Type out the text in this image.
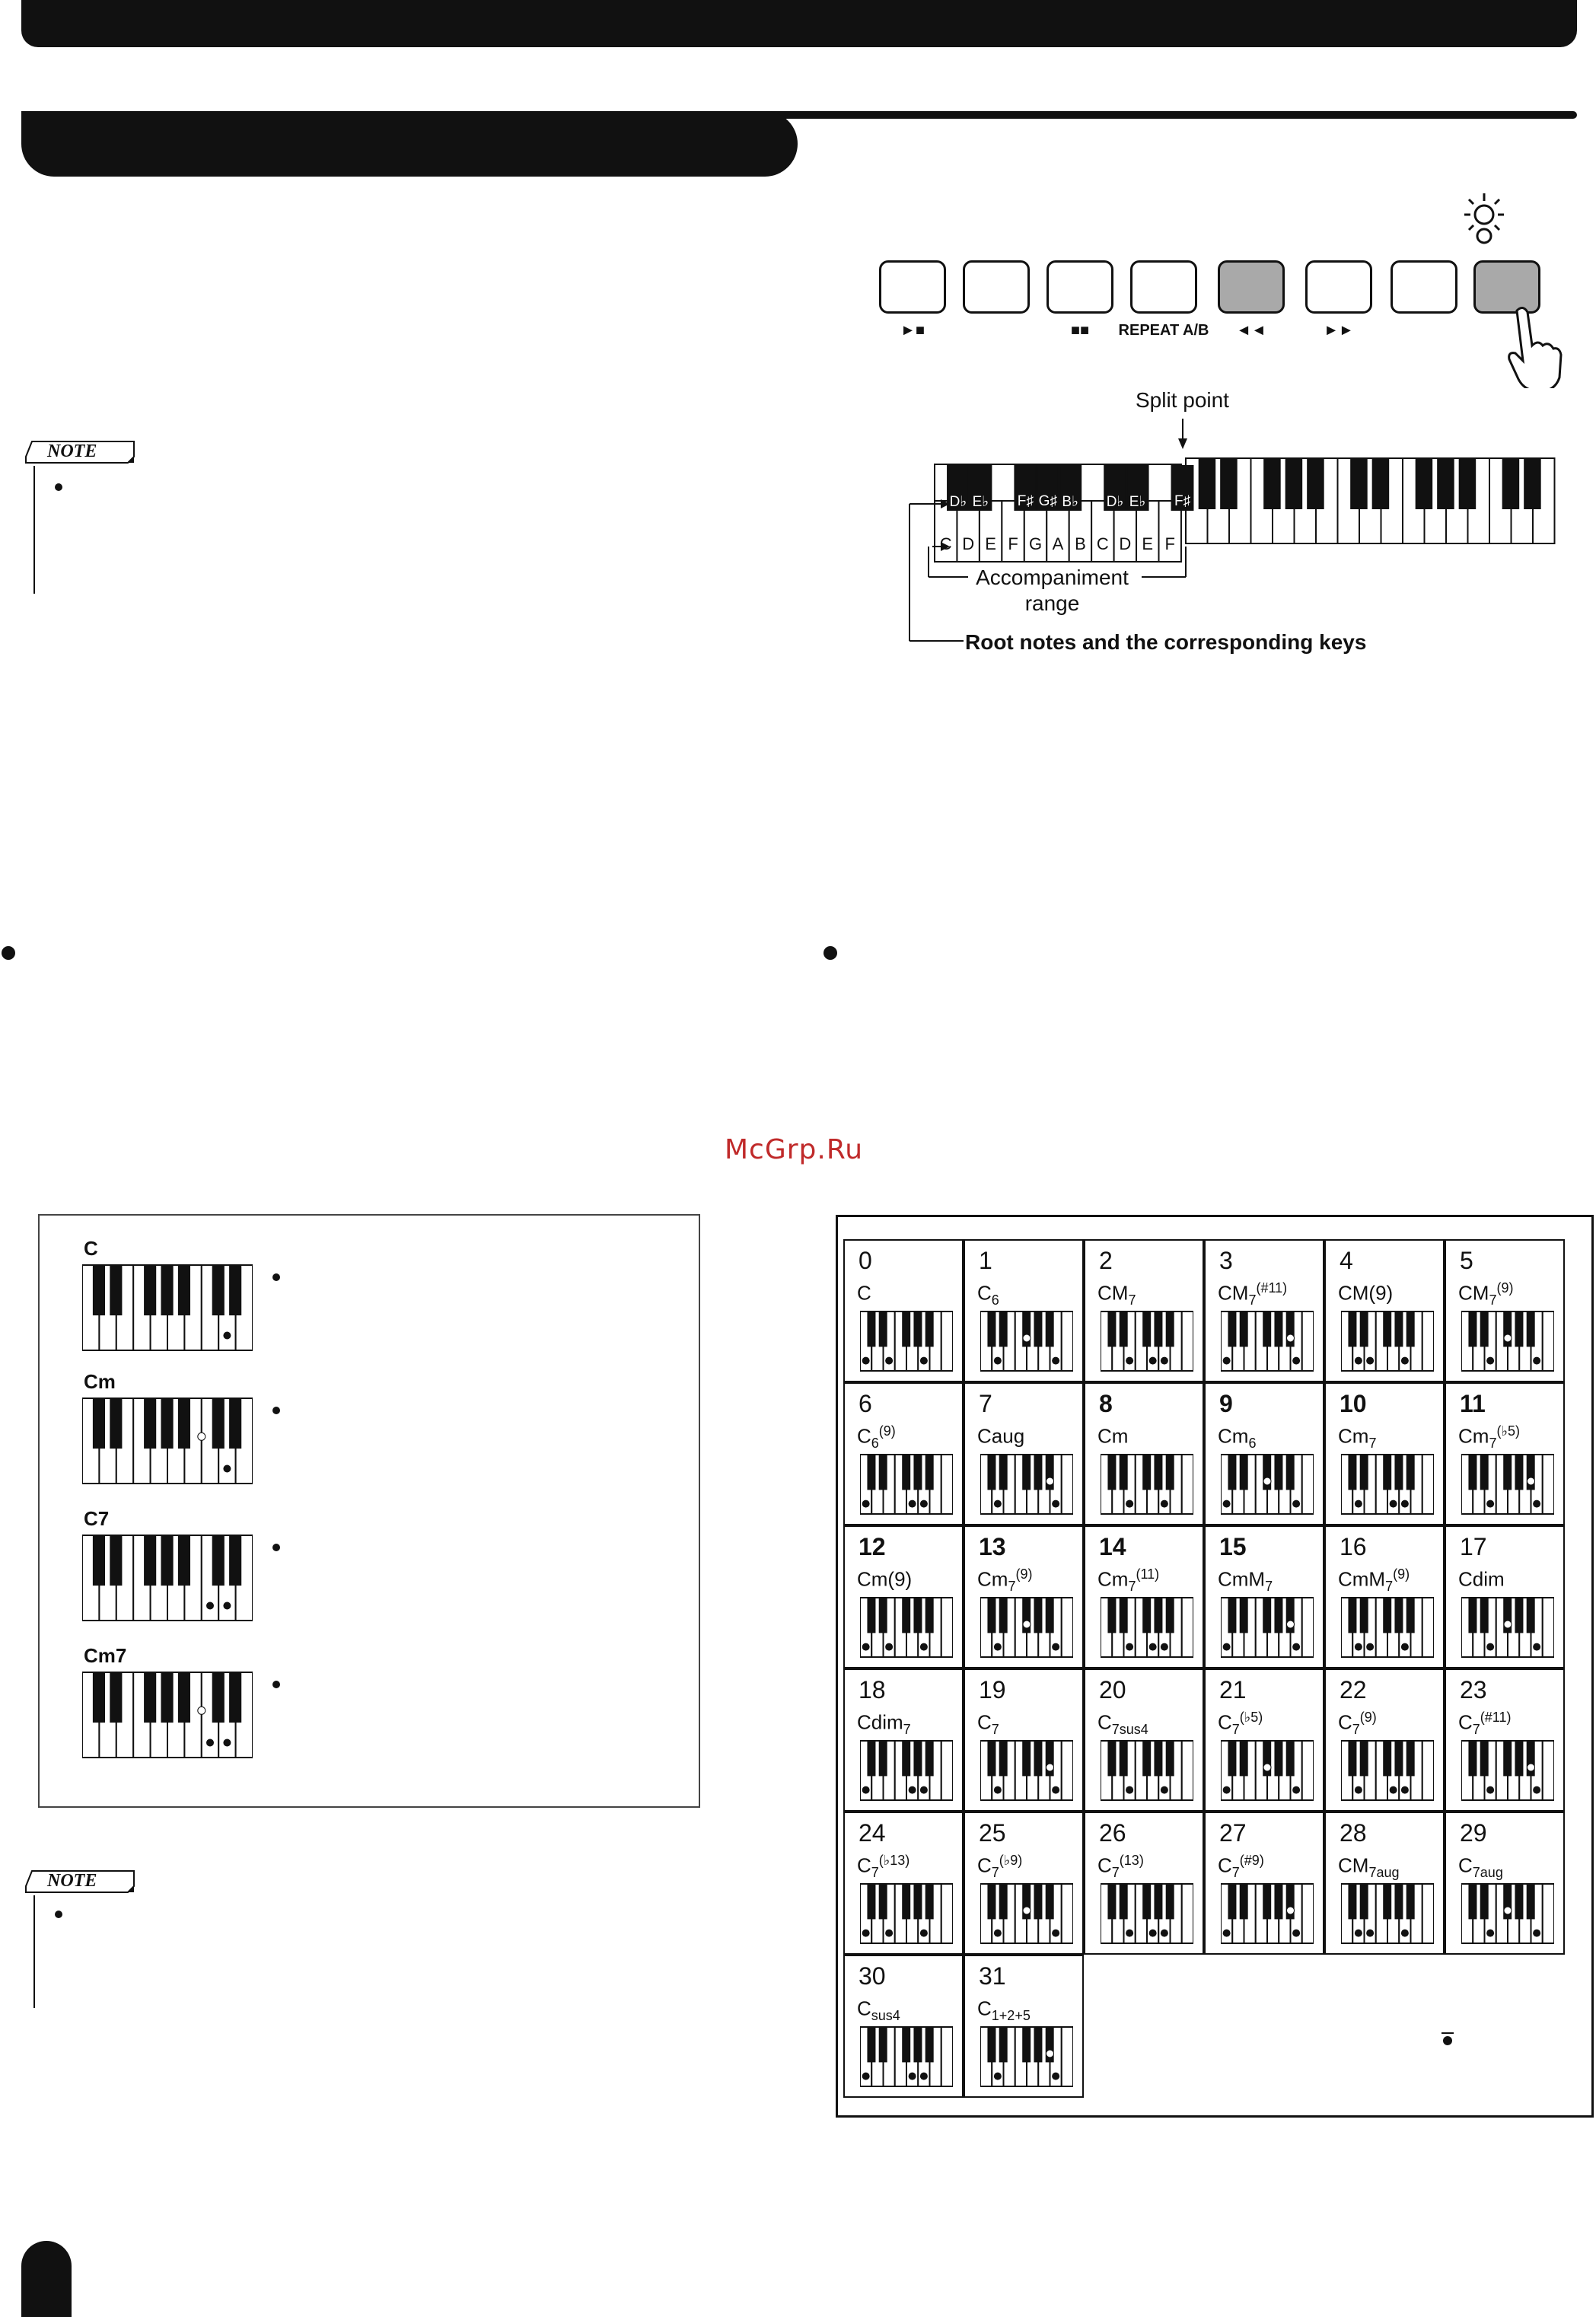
►■	■■	REPEAT A/B	◄◄	►►
Split point
D♭ E♭ F♯ G♯ B♭ D♭ E♭ F♯
C D E F G A B C D E F
Accompaniment
range
Root notes and the corresponding keys
NOTE
McGrp.Ru
C
Cm
C7
Cm7
NOTE
0
C
1
$C_6$
2
$CM_7$
3
$CM_7^{(\#11)}$
4
CM(9)
5
$CM_7^{(9)}$
6
$C_6^{(9)}$
7
Caug
8
Cm
9
$Cm_6$
10
$Cm_7$
11
$Cm_7^{(♭5)}$
12
Cm(9)
13
$Cm_7^{(9)}$
14
$Cm_7^{(11)}$
15
CmM$_7$
16
CmM$_7^{(9)}$
17
Cdim
18
Cdim$_7$
19
$C_7$
20
$C_{7sus4}$
21
$C_7^{(♭5)}$
22
$C_7^{(9)}$
23
$C_7^{(\#11)}$
24
$C_7^{(♭13)}$
25
$C_7^{(♭9)}$
26
$C_7^{(13)}$
27
$C_7^{(\#9)}$
28
$CM_{7aug}$
29
$C_{7aug}$
30
$C_{sus4}$
31
$C_{1+2+5}$
